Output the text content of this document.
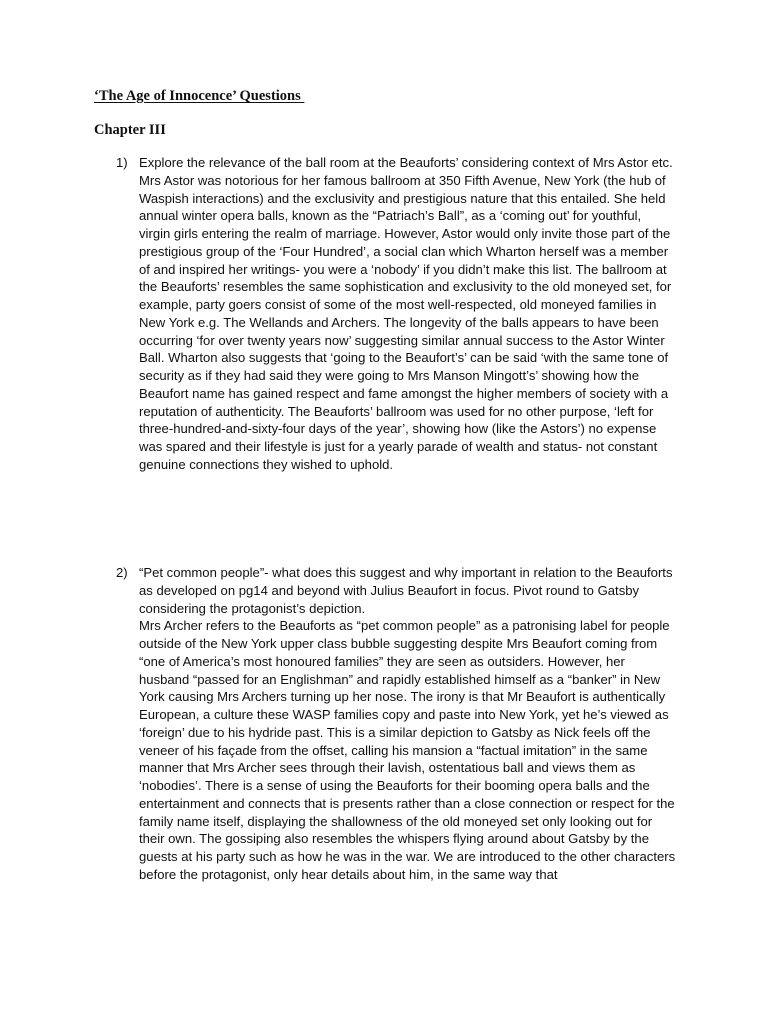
‘The Age of Innocence’ Questions
Chapter III
1) Explore the relevance of the ball room at the Beauforts’ considering context of Mrs Astor etc.

Mrs Astor was notorious for her famous ballroom at 350 Fifth Avenue, New York (the hub of Waspish interactions) and the exclusivity and prestigious nature that this entailed. She held annual winter opera balls, known as the “Patriach’s Ball”, as a ‘coming out’ for youthful, virgin girls entering the realm of marriage. However, Astor would only invite those part of the prestigious group of the ‘Four Hundred’, a social clan which Wharton herself was a member of and inspired her writings- you were a ‘nobody’ if you didn’t make this list. The ballroom at the Beauforts’ resembles the same sophistication and exclusivity to the old moneyed set, for example, party goers consist of some of the most well-respected, old moneyed families in New York e.g. The Wellands and Archers. The longevity of the balls appears to have been occurring ‘for over twenty years now’ suggesting similar annual success to the Astor Winter Ball. Wharton also suggests that ‘going to the Beaufort’s’ can be said ‘with the same tone of security as if they had said they were going to Mrs Manson Mingott’s’ showing how the Beaufort name has gained respect and fame amongst the higher members of society with a reputation of authenticity. The Beauforts’ ballroom was used for no other purpose, ‘left for three-hundred-and-sixty-four days of the year’, showing how (like the Astors’) no expense was spared and their lifestyle is just for a yearly parade of wealth and status- not constant genuine connections they wished to uphold.

2) “Pet common people”- what does this suggest and why important in relation to the Beauforts as developed on pg14 and beyond with Julius Beaufort in focus. Pivot round to Gatsby considering the protagonist’s depiction.

Mrs Archer refers to the Beauforts as “pet common people” as a patronising label for people outside of the New York upper class bubble suggesting despite Mrs Beaufort coming from “one of America’s most honoured families” they are seen as outsiders. However, her husband “passed for an Englishman” and rapidly established himself as a “banker” in New York causing Mrs Archers turning up her nose. The irony is that Mr Beaufort is authentically European, a culture these WASP families copy and paste into New York, yet he’s viewed as ‘foreign’ due to his hydride past. This is a similar depiction to Gatsby as Nick feels off the veneer of his façade from the offset, calling his mansion a “factual imitation” in the same manner that Mrs Archer sees through their lavish, ostentatious ball and views them as ‘nobodies’. There is a sense of using the Beauforts for their booming opera balls and the entertainment and connects that is presents rather than a close connection or respect for the family name itself, displaying the shallowness of the old moneyed set only looking out for their own. The gossiping also resembles the whispers flying around about Gatsby by the guests at his party such as how he was in the war. We are introduced to the other characters before the protagonist, only hear details about him, in the same way that
